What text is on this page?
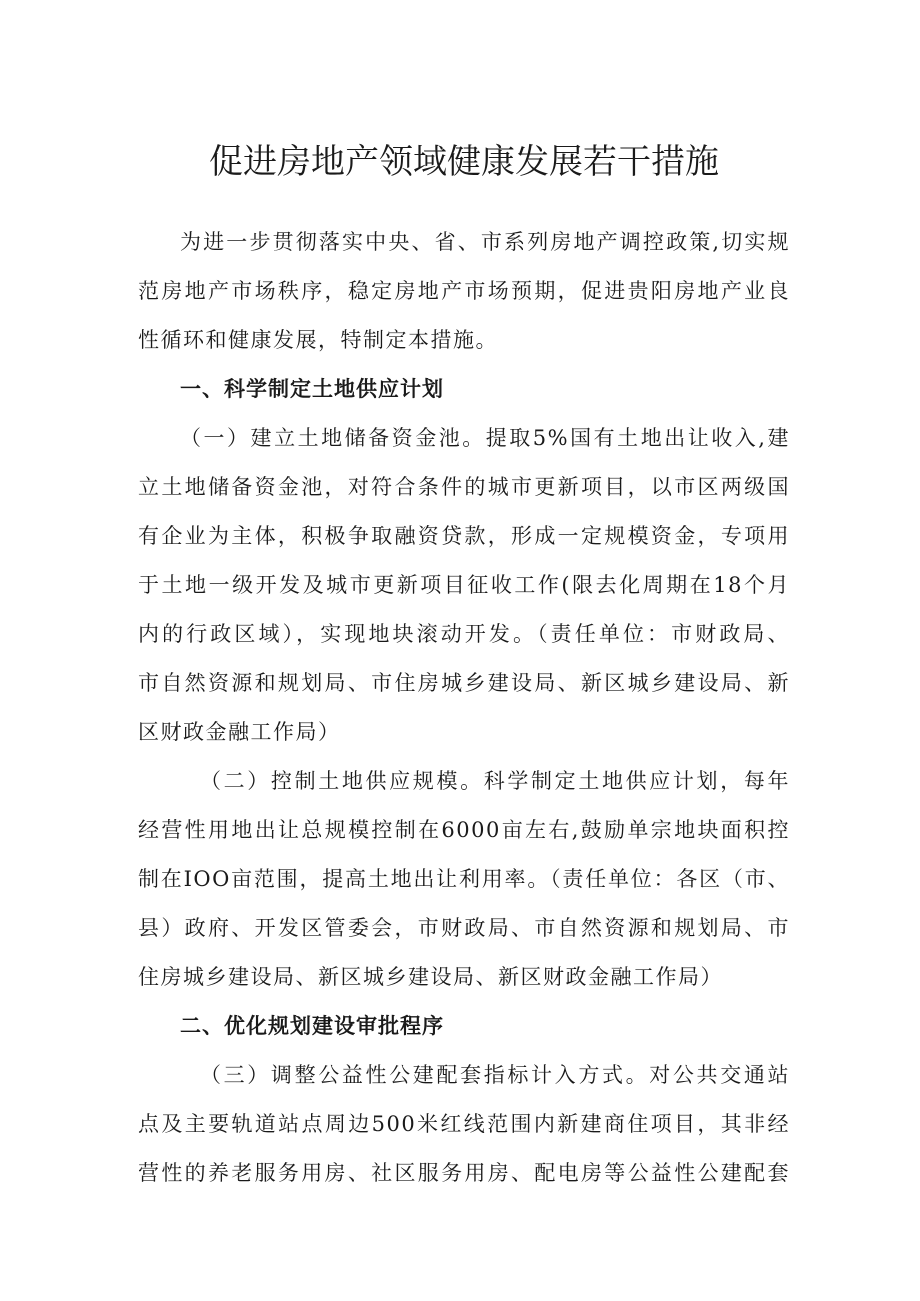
促进房地产领域健康发展若干措施
为进一步贯彻落实中央、省、市系列房地产调控政策,切实规
范房地产市场秩序，稳定房地产市场预期，促进贵阳房地产业良
性循环和健康发展，特制定本措施。

一、科学制定土地供应计划

（一）建立土地储备资金池。提取5%国有土地出让收入,建
立土地储备资金池，对符合条件的城市更新项目，以市区两级国
有企业为主体，积极争取融资贷款，形成一定规模资金，专项用
于土地一级开发及城市更新项目征收工作(限去化周期在18个月
内的行政区域），实现地块滚动开发。（责任单位：市财政局、
市自然资源和规划局、市住房城乡建设局、新区城乡建设局、新
区财政金融工作局）
（二）控制土地供应规模。科学制定土地供应计划，每年
经营性用地出让总规模控制在6000亩左右,鼓励单宗地块面积控
制在IOO亩范围，提高土地出让利用率。（责任单位：各区（市、
县）政府、开发区管委会，市财政局、市自然资源和规划局、市
住房城乡建设局、新区城乡建设局、新区财政金融工作局）

二、优化规划建设审批程序

（三）调整公益性公建配套指标计入方式。对公共交通站
点及主要轨道站点周边500米红线范围内新建商住项目，其非经
营性的养老服务用房、社区服务用房、配电房等公益性公建配套
